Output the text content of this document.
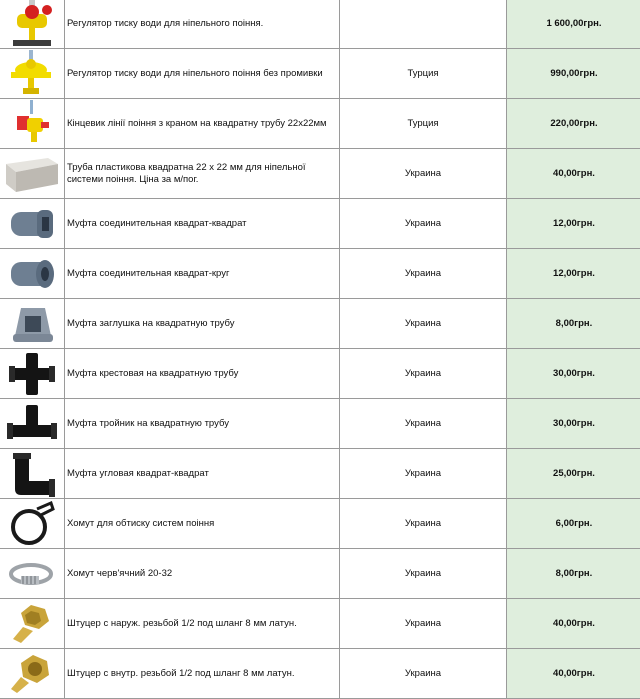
	Регулятор тиску води для нiпельного поiння.		1 600,00грн.

	Регулятор тиску води для нiпельного поiння без промивки	Турция	990,00грн.

	Кiнцевик лiнiї поiння з краном на квадратну трубу 22х22мм	Турция	220,00грн.

	Труба пластикова квадратна 22 х 22 мм для нiпельної системи поiння. Цiна за м/пог.	Украина	40,00грн.

	Муфта соединительная квадрат-квадрат	Украина	12,00грн.

	Муфта соединительная квадрат-круг	Украина	12,00грн.

	Муфта заглушка на квадратную трубу	Украина	8,00грн.

	Муфта крестовая на квадратную трубу	Украина	30,00грн.

	Муфта тройник на квадратную трубу	Украина	30,00грн.

	Муфта угловая квадрат-квадрат	Украина	25,00грн.

	Хомут для обтиску систем поiння	Украина	6,00грн.

	Хомут черв'ячний 20-32	Украина	8,00грн.

	Штуцер с наруж. резьбой 1/2 под шланг 8 мм латун.	Украина	40,00грн.

	Штуцер с внутр. резьбой 1/2 под шланг 8 мм латун.	Украина	40,00грн.
